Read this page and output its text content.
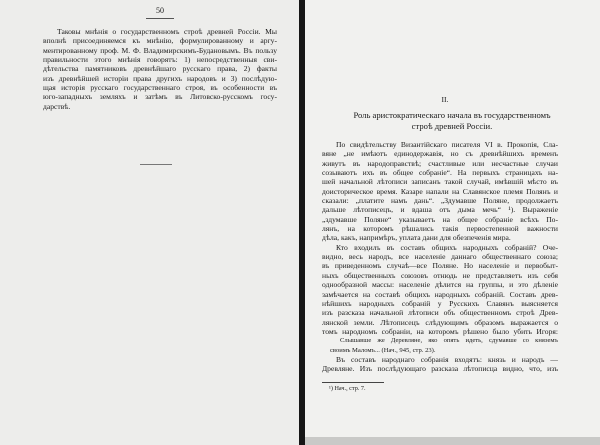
50
Таковы мнѣнія о государственномъ строѣ древней Россіи. Мы
вполнѣ присоединяемся къ мнѣнію, формулированному и аргу-
ментированному проф. М. Ф. Владимирскимъ-Будановымъ. Въ пользу
правильности этого мнѣнія говорятъ: 1) непосредственныя сви-
дѣтельства памятниковъ древнѣйшаго русскаго права, 2) факты
изъ древнѣйшей исторіи права другихъ народовъ и 3) послѣдую-
щая исторія русскаго государственнаго строя, въ особенности въ
юго-западныхъ земляхъ и затѣмъ въ Литовско-русскомъ госу-
дарствѣ.
II.
Роль аристократическаго начала въ государственномъ
строѣ древней Россіи.
По свидѣтельству Византійскаго писателя VI в. Прокопія, Сла-
вяне „не имѣютъ единодержавія, но съ древнѣйшихъ временъ
живутъ въ народоправствѣ; счастливые или несчастные случаи
созываютъ ихъ въ общее собраніе“. На первыхъ страницахъ на-
шей начальной лѣтописи записанъ такой случай, имѣвшій мѣсто въ
доисторическое время. Казаре напали на Славянское племя Полянъ и
сказали: „платите намъ дань“. „Здумавше Поляне, продолжаетъ
дальше лѣтописецъ, и вдаша отъ дыма мечь“ ¹). Выраженіе
„здумавше Поляне“ указываетъ на общее собраніе всѣхъ По-
лянъ, на которомъ рѣшались такія первостепенной важности
дѣла, какъ, напримѣръ, уплата дани для обезпеченія мира.
Кто входилъ въ составъ общихъ народныхъ собраній? Оче-
видно, весь народъ, все населеніе даннаго общественнаго союза;
въ приведенномъ случаѣ—все Поляне. Но населеніе и первобыт-
ныхъ общественныхъ союзовъ отнюдь не представляетъ изъ себя
однообразной массы: населеніе дѣлится на группы, и это дѣленіе
замѣчается на составѣ общихъ народныхъ собраній. Составъ древ-
нѣйшихъ народныхъ собраній у Русскихъ Славянъ выясняется
изъ разсказа начальной лѣтописи объ общественномъ строѣ Древ-
лянской земли. Лѣтописецъ слѣдующимъ образомъ выражается о
томъ народномъ собраніи, на которомъ рѣшено было убить Игоря:
Слышавше же Деревляне, яко опять идеть, сдумавше со княземъ
своимъ Маломъ... (Нач., 945, стр. 23).
Въ составъ народнаго собранія входятъ: князь и народъ —
Древляне. Изъ послѣдующаго разсказа лѣтописца видно, что, изъ
¹) Нач., стр. 7.
